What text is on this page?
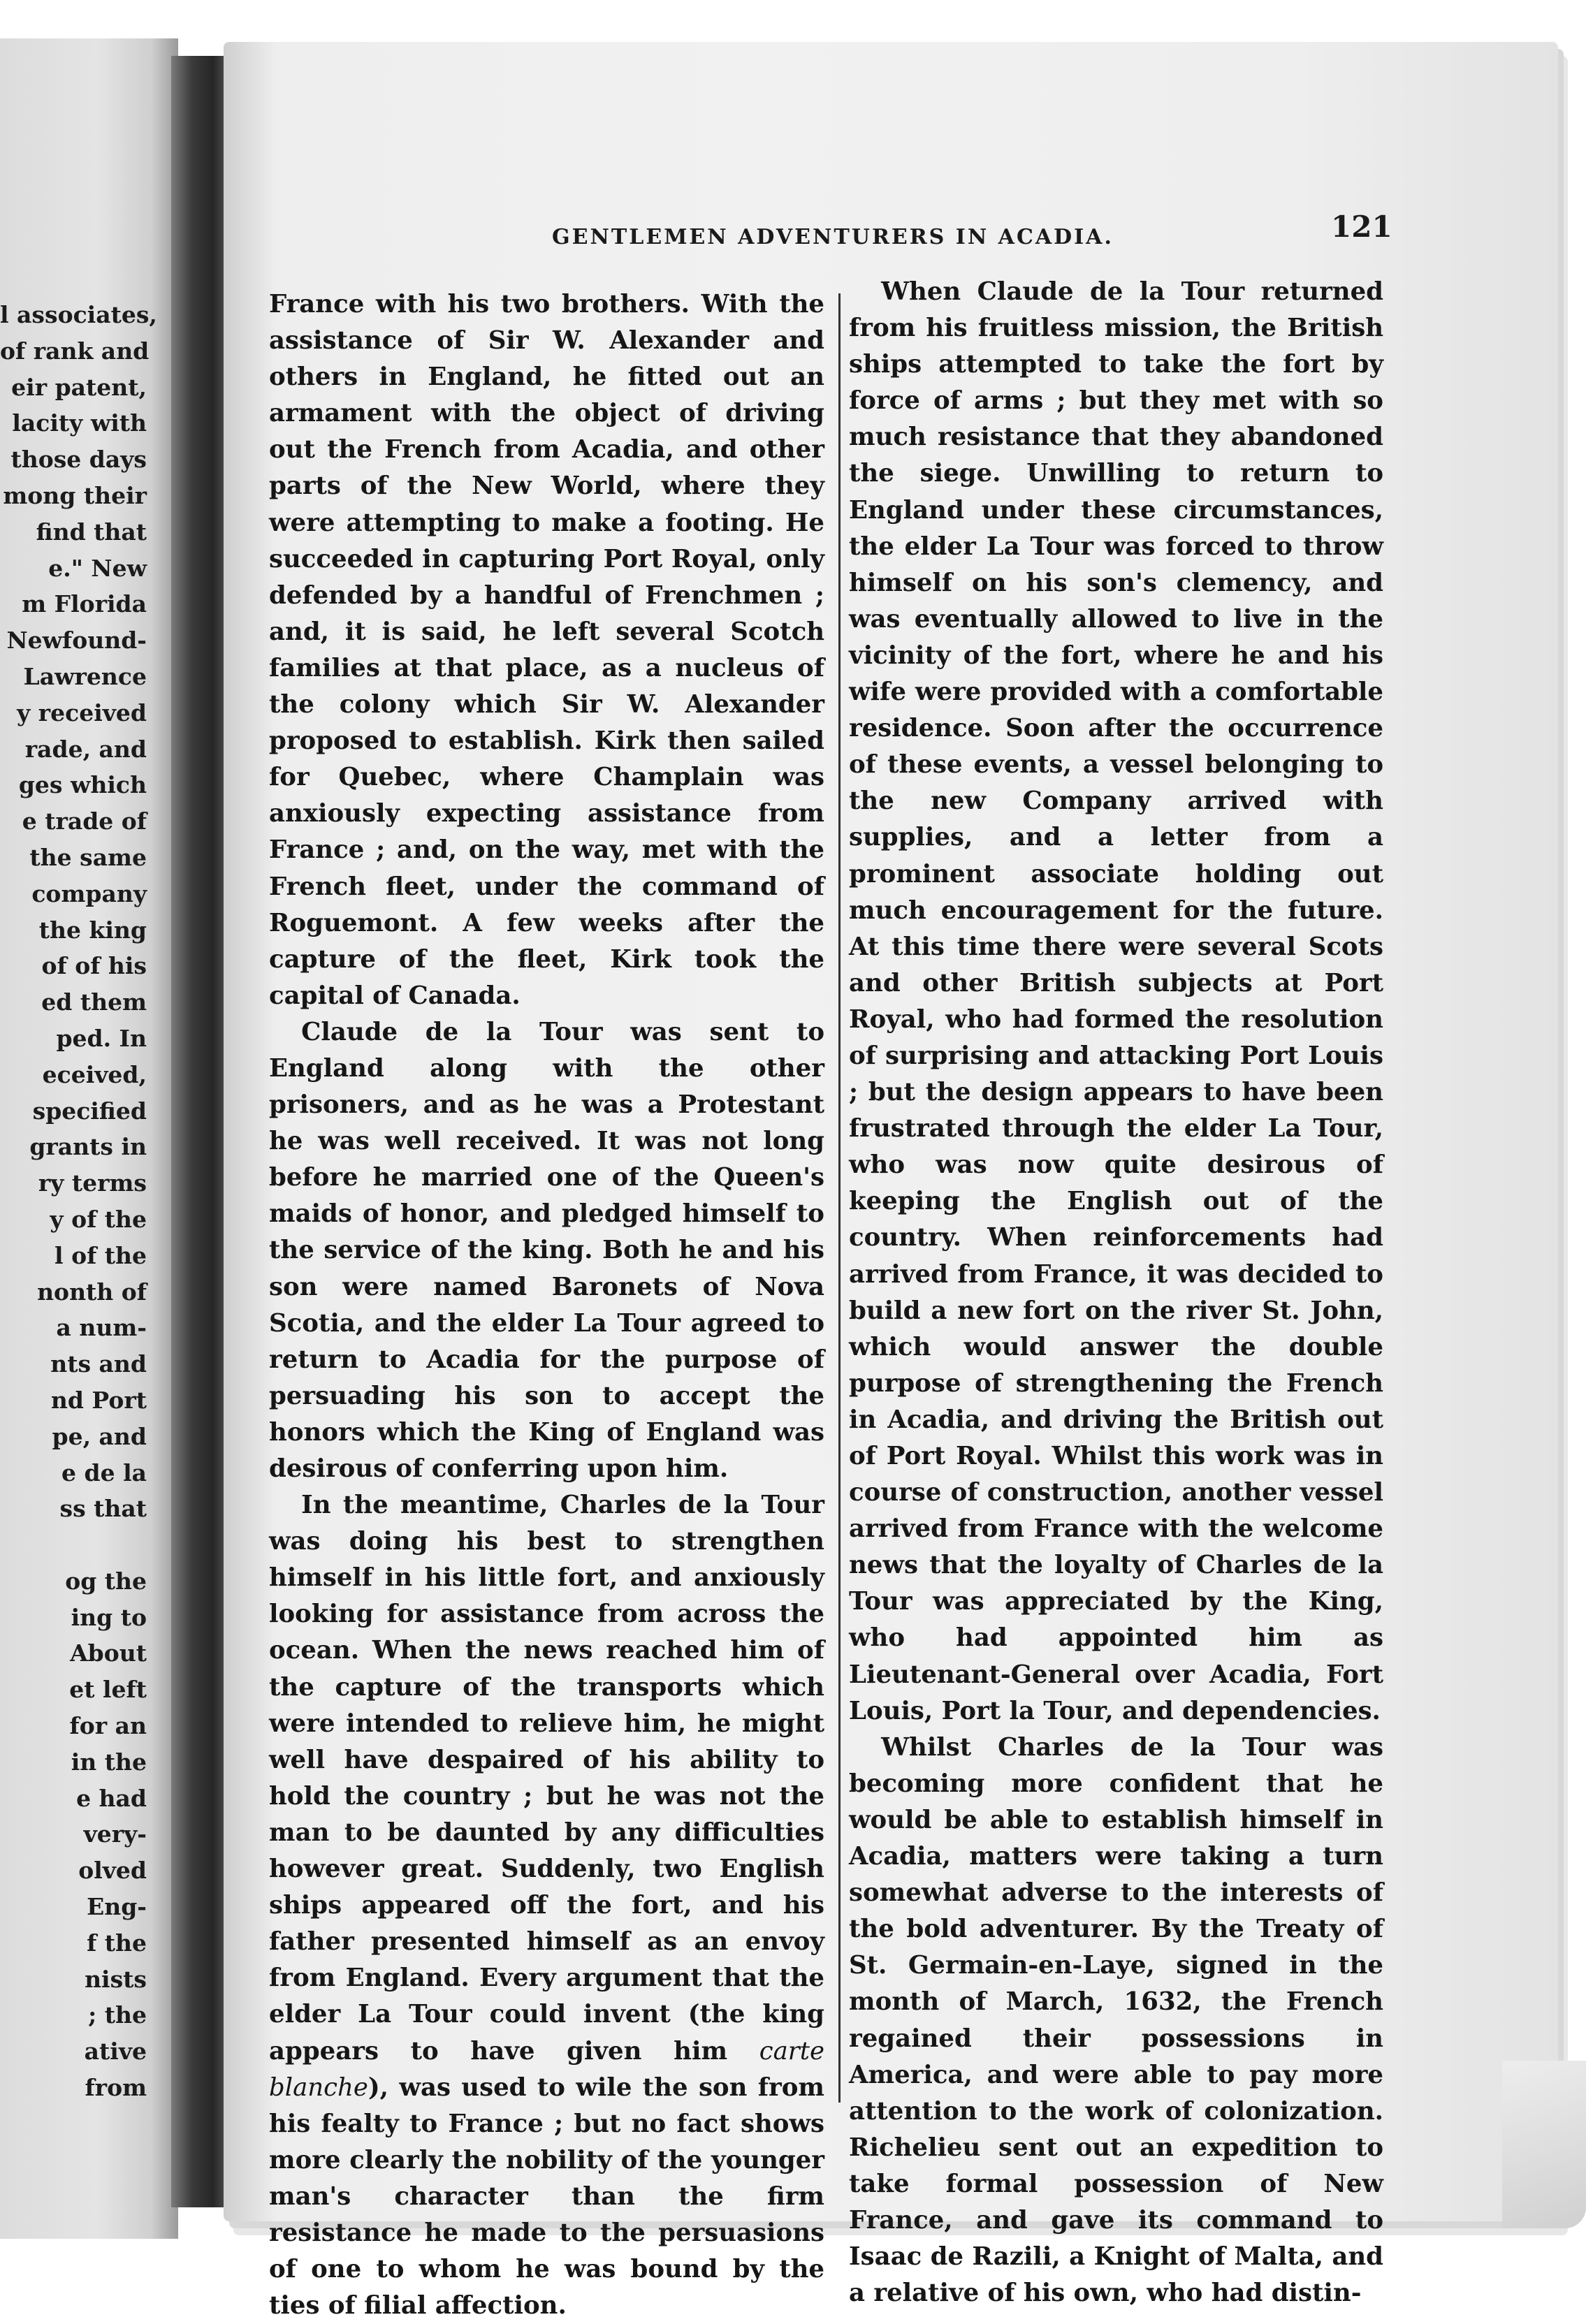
l associates,
of rank and
eir patent,
lacity with
those days
mong their
find that
e." New
m Florida
Newfound-
Lawrence
y received
rade, and
ges which
e trade of
the same
company
the king
of of his
ed them
ped. In
eceived,
specified
grants in
ry terms
y of the
l of the
nonth of
a num-
nts and
nd Port
pe, and
e de la
ss that

og the
ing to
About
et left
for an
in the
e had
very-
olved
Eng-
f the
nists
; the
ative
from
GENTLEMEN ADVENTURERS IN ACADIA.	121

France with his two brothers. With the assistance of Sir W. Alexander and others in England, he fitted out an armament with the object of driving out the French from Acadia, and other parts of the New World, where they were attempting to make a footing. He succeeded in capturing Port Royal, only defended by a handful of Frenchmen ; and, it is said, he left several Scotch families at that place, as a nucleus of the colony which Sir W. Alexander proposed to establish. Kirk then sailed for Quebec, where Champlain was anxiously expecting assistance from France ; and, on the way, met with the French fleet, under the command of Roguemont. A few weeks after the capture of the fleet, Kirk took the capital of Canada.

Claude de la Tour was sent to England along with the other prisoners, and as he was a Protestant he was well received. It was not long before he married one of the Queen's maids of honor, and pledged himself to the service of the king. Both he and his son were named Baronets of Nova Scotia, and the elder La Tour agreed to return to Acadia for the purpose of persuading his son to accept the honors which the King of England was desirous of conferring upon him.

In the meantime, Charles de la Tour was doing his best to strengthen himself in his little fort, and anxiously looking for assistance from across the ocean. When the news reached him of the capture of the transports which were intended to relieve him, he might well have despaired of his ability to hold the country ; but he was not the man to be daunted by any difficulties however great. Suddenly, two English ships appeared off the fort, and his father presented himself as an envoy from England. Every argument that the elder La Tour could invent (the king appears to have given him carte blanche), was used to wile the son from his fealty to France ; but no fact shows more clearly the nobility of the younger man's character than the firm resistance he made to the persuasions of one to whom he was bound by the ties of filial affection.

When Claude de la Tour returned from his fruitless mission, the British ships attempted to take the fort by force of arms ; but they met with so much resistance that they abandoned the siege. Unwilling to return to England under these circumstances, the elder La Tour was forced to throw himself on his son's clemency, and was eventually allowed to live in the vicinity of the fort, where he and his wife were provided with a comfortable residence. Soon after the occurrence of these events, a vessel belonging to the new Company arrived with supplies, and a letter from a prominent associate holding out much encouragement for the future. At this time there were several Scots and other British subjects at Port Royal, who had formed the resolution of surprising and attacking Port Louis ; but the design appears to have been frustrated through the elder La Tour, who was now quite desirous of keeping the English out of the country. When reinforcements had arrived from France, it was decided to build a new fort on the river St. John, which would answer the double purpose of strengthening the French in Acadia, and driving the British out of Port Royal. Whilst this work was in course of construction, another vessel arrived from France with the welcome news that the loyalty of Charles de la Tour was appreciated by the King, who had appointed him as Lieutenant-General over Acadia, Fort Louis, Port la Tour, and dependencies.

Whilst Charles de la Tour was becoming more confident that he would be able to establish himself in Acadia, matters were taking a turn somewhat adverse to the interests of the bold adventurer. By the Treaty of St. Germain-en-Laye, signed in the month of March, 1632, the French regained their possessions in America, and were able to pay more attention to the work of colonization. Richelieu sent out an expedition to take formal possession of New France, and gave its command to Isaac de Razili, a Knight of Malta, and a relative of his own, who had distin-
